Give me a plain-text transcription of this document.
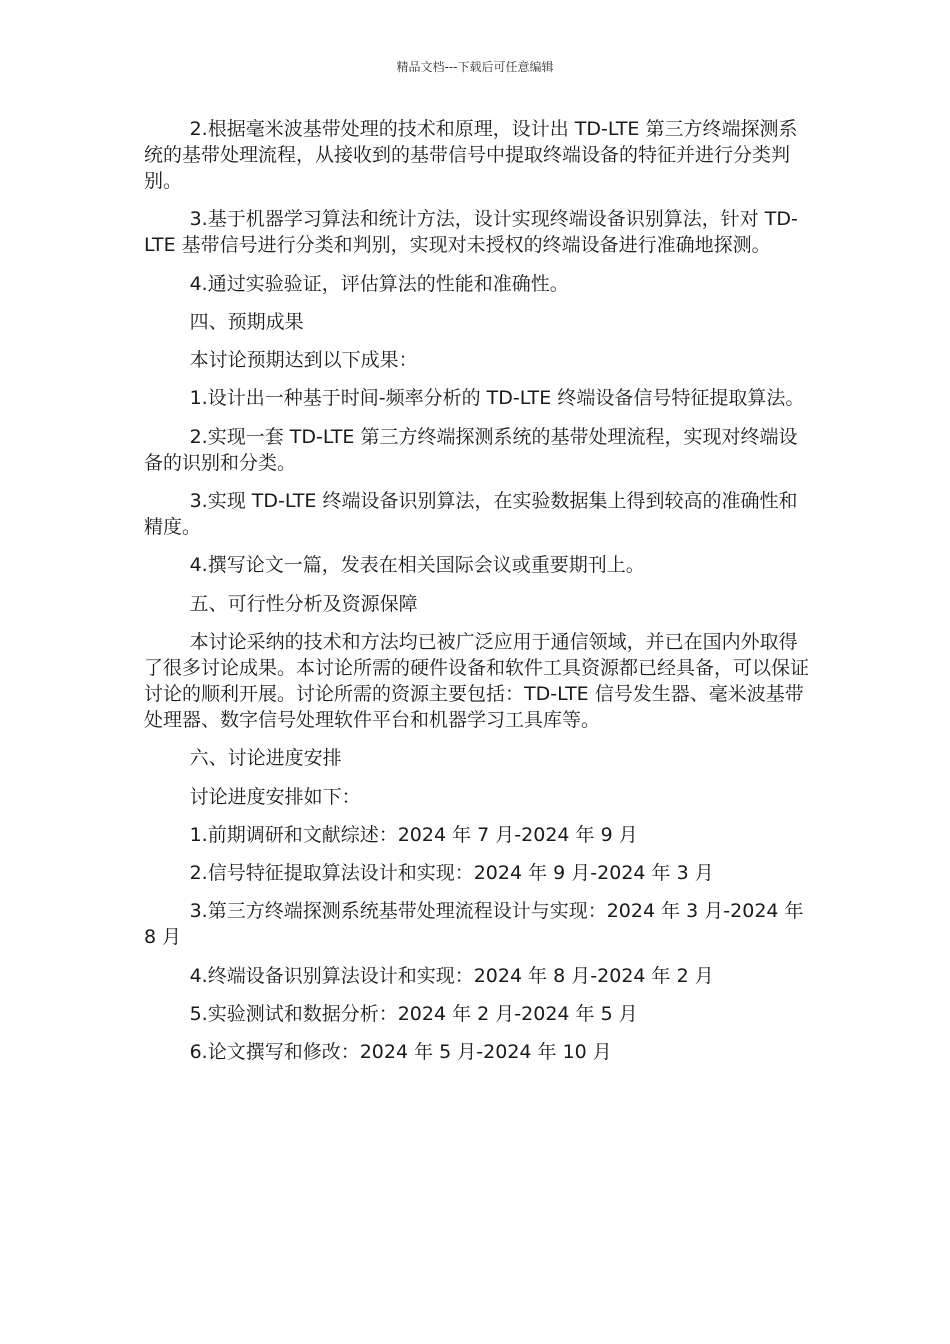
精品文档---下载后可任意编辑

2.根据毫米波基带处理的技术和原理，设计出 TD-LTE 第三方终端探测系统的基带处理流程，从接收到的基带信号中提取终端设备的特征并进行分类判别。

3.基于机器学习算法和统计方法，设计实现终端设备识别算法，针对 TD-LTE 基带信号进行分类和判别，实现对未授权的终端设备进行准确地探测。

4.通过实验验证，评估算法的性能和准确性。

四、预期成果

本讨论预期达到以下成果：

1.设计出一种基于时间-频率分析的 TD-LTE 终端设备信号特征提取算法。

2.实现一套 TD-LTE 第三方终端探测系统的基带处理流程，实现对终端设备的识别和分类。

3.实现 TD-LTE 终端设备识别算法，在实验数据集上得到较高的准确性和精度。

4.撰写论文一篇，发表在相关国际会议或重要期刊上。

五、可行性分析及资源保障

本讨论采纳的技术和方法均已被广泛应用于通信领域，并已在国内外取得了很多讨论成果。本讨论所需的硬件设备和软件工具资源都已经具备，可以保证讨论的顺利开展。讨论所需的资源主要包括：TD-LTE 信号发生器、毫米波基带处理器、数字信号处理软件平台和机器学习工具库等。

六、讨论进度安排

讨论进度安排如下：

1.前期调研和文献综述：2024 年 7 月-2024 年 9 月

2.信号特征提取算法设计和实现：2024 年 9 月-2024 年 3 月

3.第三方终端探测系统基带处理流程设计与实现：2024 年 3 月-2024 年 8 月

4.终端设备识别算法设计和实现：2024 年 8 月-2024 年 2 月

5.实验测试和数据分析：2024 年 2 月-2024 年 5 月

6.论文撰写和修改：2024 年 5 月-2024 年 10 月
